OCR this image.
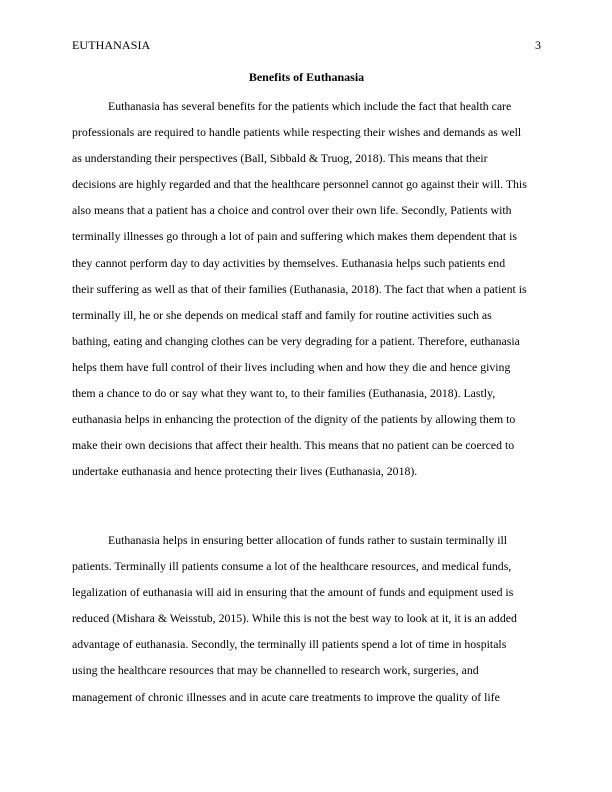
EUTHANASIA	3
Benefits of Euthanasia

Euthanasia has several benefits for the patients which include the fact that health care
professionals are required to handle patients while respecting their wishes and demands as well
as understanding their perspectives (Ball, Sibbald & Truog, 2018). This means that their
decisions are highly regarded and that the healthcare personnel cannot go against their will. This
also means that a patient has a choice and control over their own life. Secondly, Patients with
terminally illnesses go through a lot of pain and suffering which makes them dependent that is
they cannot perform day to day activities by themselves. Euthanasia helps such patients end
their suffering as well as that of their families (Euthanasia, 2018). The fact that when a patient is
terminally ill, he or she depends on medical staff and family for routine activities such as
bathing, eating and changing clothes can be very degrading for a patient. Therefore, euthanasia
helps them have full control of their lives including when and how they die and hence giving
them a chance to do or say what they want to, to their families (Euthanasia, 2018). Lastly,
euthanasia helps in enhancing the protection of the dignity of the patients by allowing them to
make their own decisions that affect their health. This means that no patient can be coerced to
undertake euthanasia and hence protecting their lives (Euthanasia, 2018).

Euthanasia helps in ensuring better allocation of funds rather to sustain terminally ill
patients. Terminally ill patients consume a lot of the healthcare resources, and medical funds,
legalization of euthanasia will aid in ensuring that the amount of funds and equipment used is
reduced (Mishara & Weisstub, 2015). While this is not the best way to look at it, it is an added
advantage of euthanasia. Secondly, the terminally ill patients spend a lot of time in hospitals
using the healthcare resources that may be channelled to research work, surgeries, and
management of chronic illnesses and in acute care treatments to improve the quality of life
